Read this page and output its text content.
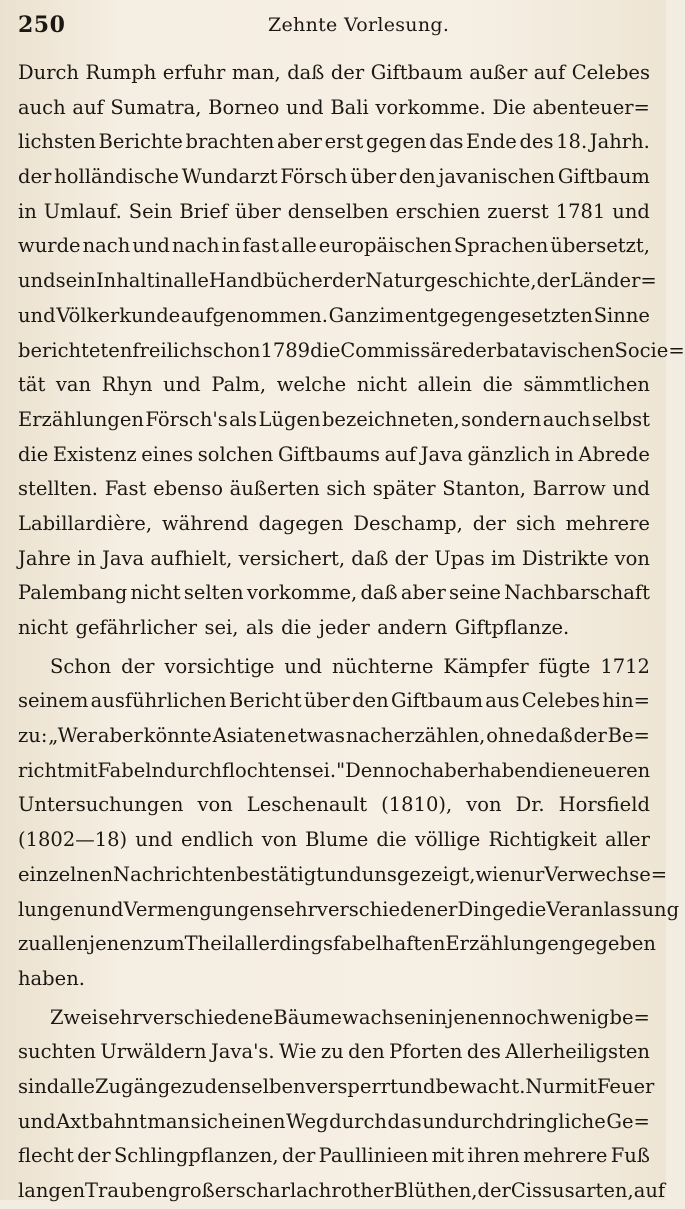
250	Zehnte Vorlesung.
Durch Rumph erfuhr man, daß der Giftbaum außer auf Celebes
auch auf Sumatra, Borneo und Bali vorkomme. Die abenteuer=
lichsten Berichte brachten aber erst gegen das Ende des 18. Jahrh.
der holländische Wundarzt Försch über den javanischen Giftbaum
in Umlauf. Sein Brief über denselben erschien zuerst 1781 und
wurde nach und nach in fast alle europäischen Sprachen übersetzt,
und sein Inhalt in alle Handbücher der Naturgeschichte, der Länder=
und Völkerkunde aufgenommen. Ganz im entgegengesetzten Sinne
berichteten freilich schon 1789 die Commissäre der batavischen Socie=
tät van Rhyn und Palm, welche nicht allein die sämmtlichen
Erzählungen Försch's als Lügen bezeichneten, sondern auch selbst
die Existenz eines solchen Giftbaums auf Java gänzlich in Abrede
stellten. Fast ebenso äußerten sich später Stanton, Barrow und
Labillardière, während dagegen Deschamp, der sich mehrere
Jahre in Java aufhielt, versichert, daß der Upas im Distrikte von
Palembang nicht selten vorkomme, daß aber seine Nachbarschaft
nicht gefährlicher sei, als die jeder andern Giftpflanze.
Schon der vorsichtige und nüchterne Kämpfer fügte 1712
seinem ausführlichen Bericht über den Giftbaum aus Celebes hin=
zu: „Wer aber könnte Asiaten etwas nacherzählen, ohne daß der Be=
richt mit Fabeln durchflochten sei." Dennoch aber haben die neueren
Untersuchungen von Leschenault (1810), von Dr. Horsfield
(1802—18) und endlich von Blume die völlige Richtigkeit aller
einzelnen Nachrichten bestätigt und uns gezeigt, wie nur Verwechse=
lungen und Vermengungen sehr verschiedener Dinge die Veranlassung
zu allen jenen zum Theil allerdings fabelhaften Erzählungen gegeben
haben.
Zwei sehr verschiedene Bäume wachsen in jenen noch wenig be=
suchten Urwäldern Java's. Wie zu den Pforten des Allerheiligsten
sind alle Zugänge zu denselben versperrt und bewacht. Nur mit Feuer
und Axt bahnt man sich einen Weg durch das undurchdringliche Ge=
flecht der Schlingpflanzen, der Paullinieen mit ihren mehrere Fuß
langen Trauben großer scharlachrother Blüthen, der Cissusarten, auf
